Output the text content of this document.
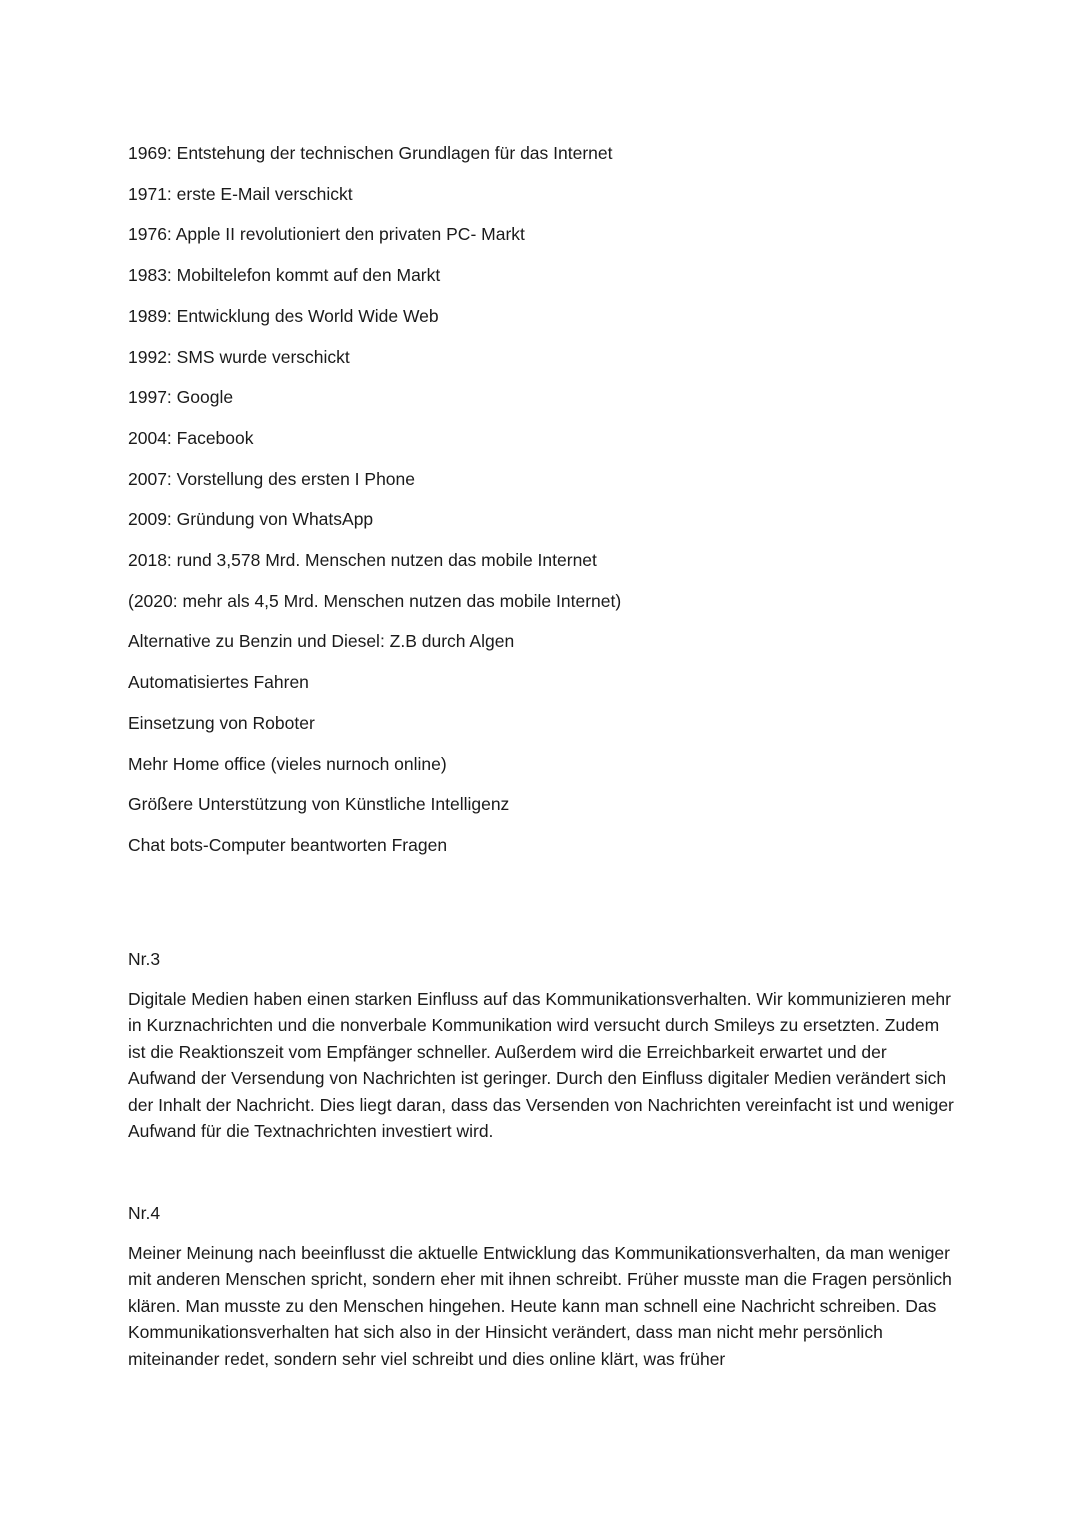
1969: Entstehung der technischen Grundlagen für das Internet
1971: erste E-Mail verschickt
1976: Apple II revolutioniert den privaten PC- Markt
1983: Mobiltelefon kommt auf den Markt
1989: Entwicklung des World Wide Web
1992: SMS wurde verschickt
1997: Google
2004: Facebook
2007: Vorstellung des ersten I Phone
2009: Gründung von WhatsApp
2018: rund 3,578 Mrd. Menschen nutzen das mobile Internet
(2020: mehr als 4,5 Mrd. Menschen nutzen das mobile Internet)
Alternative zu Benzin und Diesel: Z.B durch Algen
Automatisiertes Fahren
Einsetzung von Roboter
Mehr Home office (vieles nurnoch online)
Größere Unterstützung von Künstliche Intelligenz
Chat bots-Computer beantworten Fragen
Nr.3

Digitale Medien haben einen starken Einfluss auf das Kommunikationsverhalten. Wir kommunizieren mehr in Kurznachrichten und die nonverbale Kommunikation wird versucht durch Smileys zu ersetzten. Zudem ist die Reaktionszeit vom Empfänger schneller. Außerdem wird die Erreichbarkeit erwartet und der Aufwand der Versendung von Nachrichten ist geringer. Durch den Einfluss digitaler Medien verändert sich der Inhalt der Nachricht. Dies liegt daran, dass das Versenden von Nachrichten vereinfacht ist und weniger Aufwand für die Textnachrichten investiert wird.

Nr.4

Meiner Meinung nach beeinflusst die aktuelle Entwicklung das Kommunikationsverhalten, da man weniger mit anderen Menschen spricht, sondern eher mit ihnen schreibt. Früher musste man die Fragen persönlich klären. Man musste zu den Menschen hingehen. Heute kann man schnell eine Nachricht schreiben. Das Kommunikationsverhalten hat sich also in der Hinsicht verändert, dass man nicht mehr persönlich miteinander redet, sondern sehr viel schreibt und dies online klärt, was früher
